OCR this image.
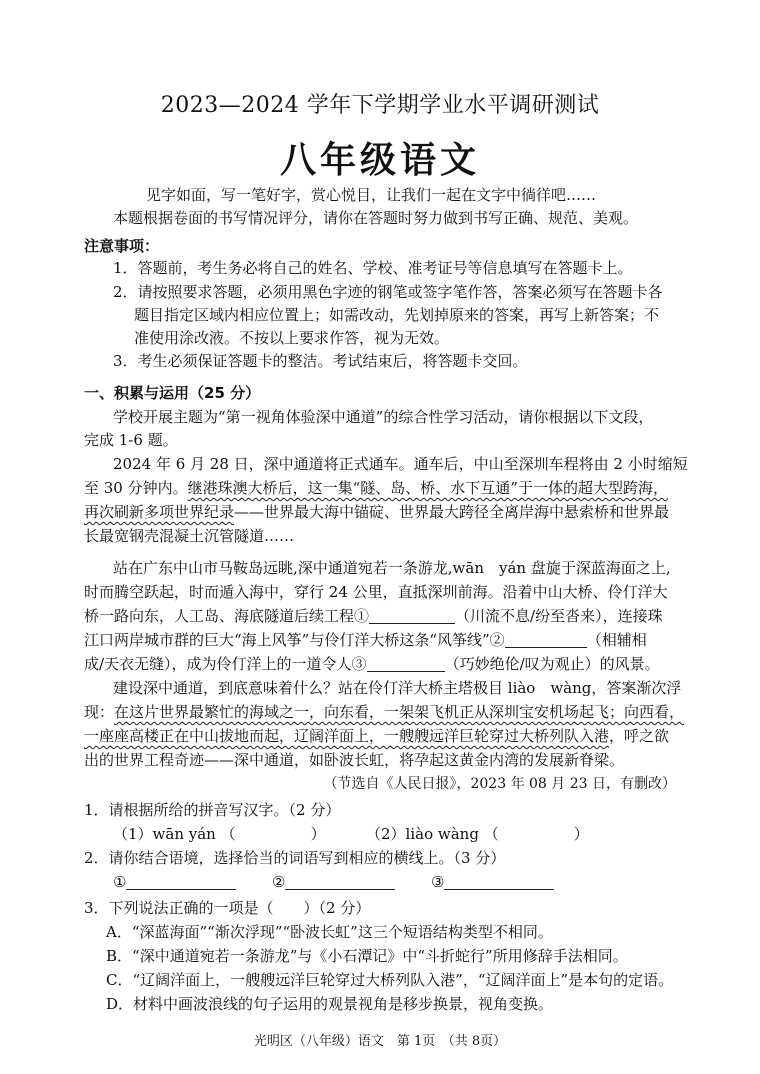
2023—2024 学年下学期学业水平调研测试
八年级语文
见字如面，写一笔好字，赏心悦目，让我们一起在文字中徜徉吧……
本题根据卷面的书写情况评分，请你在答题时努力做到书写正确、规范、美观。
注意事项：
1．答题前，考生务必将自己的姓名、学校、准考证号等信息填写在答题卡上。
2．请按照要求答题，必须用黑色字迹的钢笔或签字笔作答，答案必须写在答题卡各
题目指定区域内相应位置上；如需改动，先划掉原来的答案，再写上新答案；不
准使用涂改液。不按以上要求作答，视为无效。
3．考生必须保证答题卡的整洁。考试结束后，将答题卡交回。
一、积累与运用（25 分）
学校开展主题为“第一视角体验深中通道”的综合性学习活动，请你根据以下文段，
完成 1-6 题。
2024 年 6 月 28 日，深中通道将正式通车。通车后，中山至深圳车程将由 2 小时缩短
至 30 分钟内。继港珠澳大桥后，这一集“隧、岛、桥、水下互通”于一体的超大型跨海，
再次刷新多项世界纪录——世界最大海中锚碇、世界最大跨径全离岸海中悬索桥和世界最
长最宽钢壳混凝土沉管隧道……
站在广东中山市马鞍岛远眺,深中通道宛若一条游龙,wān　yán 盘旋于深蓝海面之上,
时而腾空跃起，时而遁入海中，穿行 24 公里，直抵深圳前海。沿着中山大桥、伶仃洋大
桥一路向东，人工岛、海底隧道后续工程①	（川流不息/纷至沓来），连接珠
江口两岸城市群的巨大“海上风筝”与伶仃洋大桥这条“风筝线”②	（相辅相
成/天衣无缝），成为伶仃洋上的一道令人③	（巧妙绝伦/叹为观止）的风景。
建设深中通道，到底意味着什么？站在伶仃洋大桥主塔极目 liào　wàng，答案渐次浮
现：在这片世界最繁忙的海域之一，向东看，一架架飞机正从深圳宝安机场起飞；向西看，
一座座高楼正在中山拔地而起，辽阔洋面上，一艘艘远洋巨轮穿过大桥列队入港，呼之欲
出的世界工程奇迹——深中通道，如卧波长虹，将孕起这黄金内湾的发展新脊梁。
（节选自《人民日报》，2023 年 08 月 23 日，有删改）
1．请根据所给的拼音写汉字。（2 分）
（1）wān yán （　　　　　）	（2）liào wàng （　　　　　）
2．请你结合语境，选择恰当的词语写到相应的横线上。（3 分）
①	②	③
3．下列说法正确的一项是（　　）（2 分）
A．“深蓝海面”“渐次浮现”“卧波长虹”这三个短语结构类型不相同。
B．“深中通道宛若一条游龙”与《小石潭记》中“斗折蛇行”所用修辞手法相同。
C．“辽阔洋面上，一艘艘远洋巨轮穿过大桥列队入港”，“辽阔洋面上”是本句的定语。
D．材料中画波浪线的句子运用的观景视角是移步换景，视角变换。
光明区（八年级）语文　第 1页　（共 8页）
